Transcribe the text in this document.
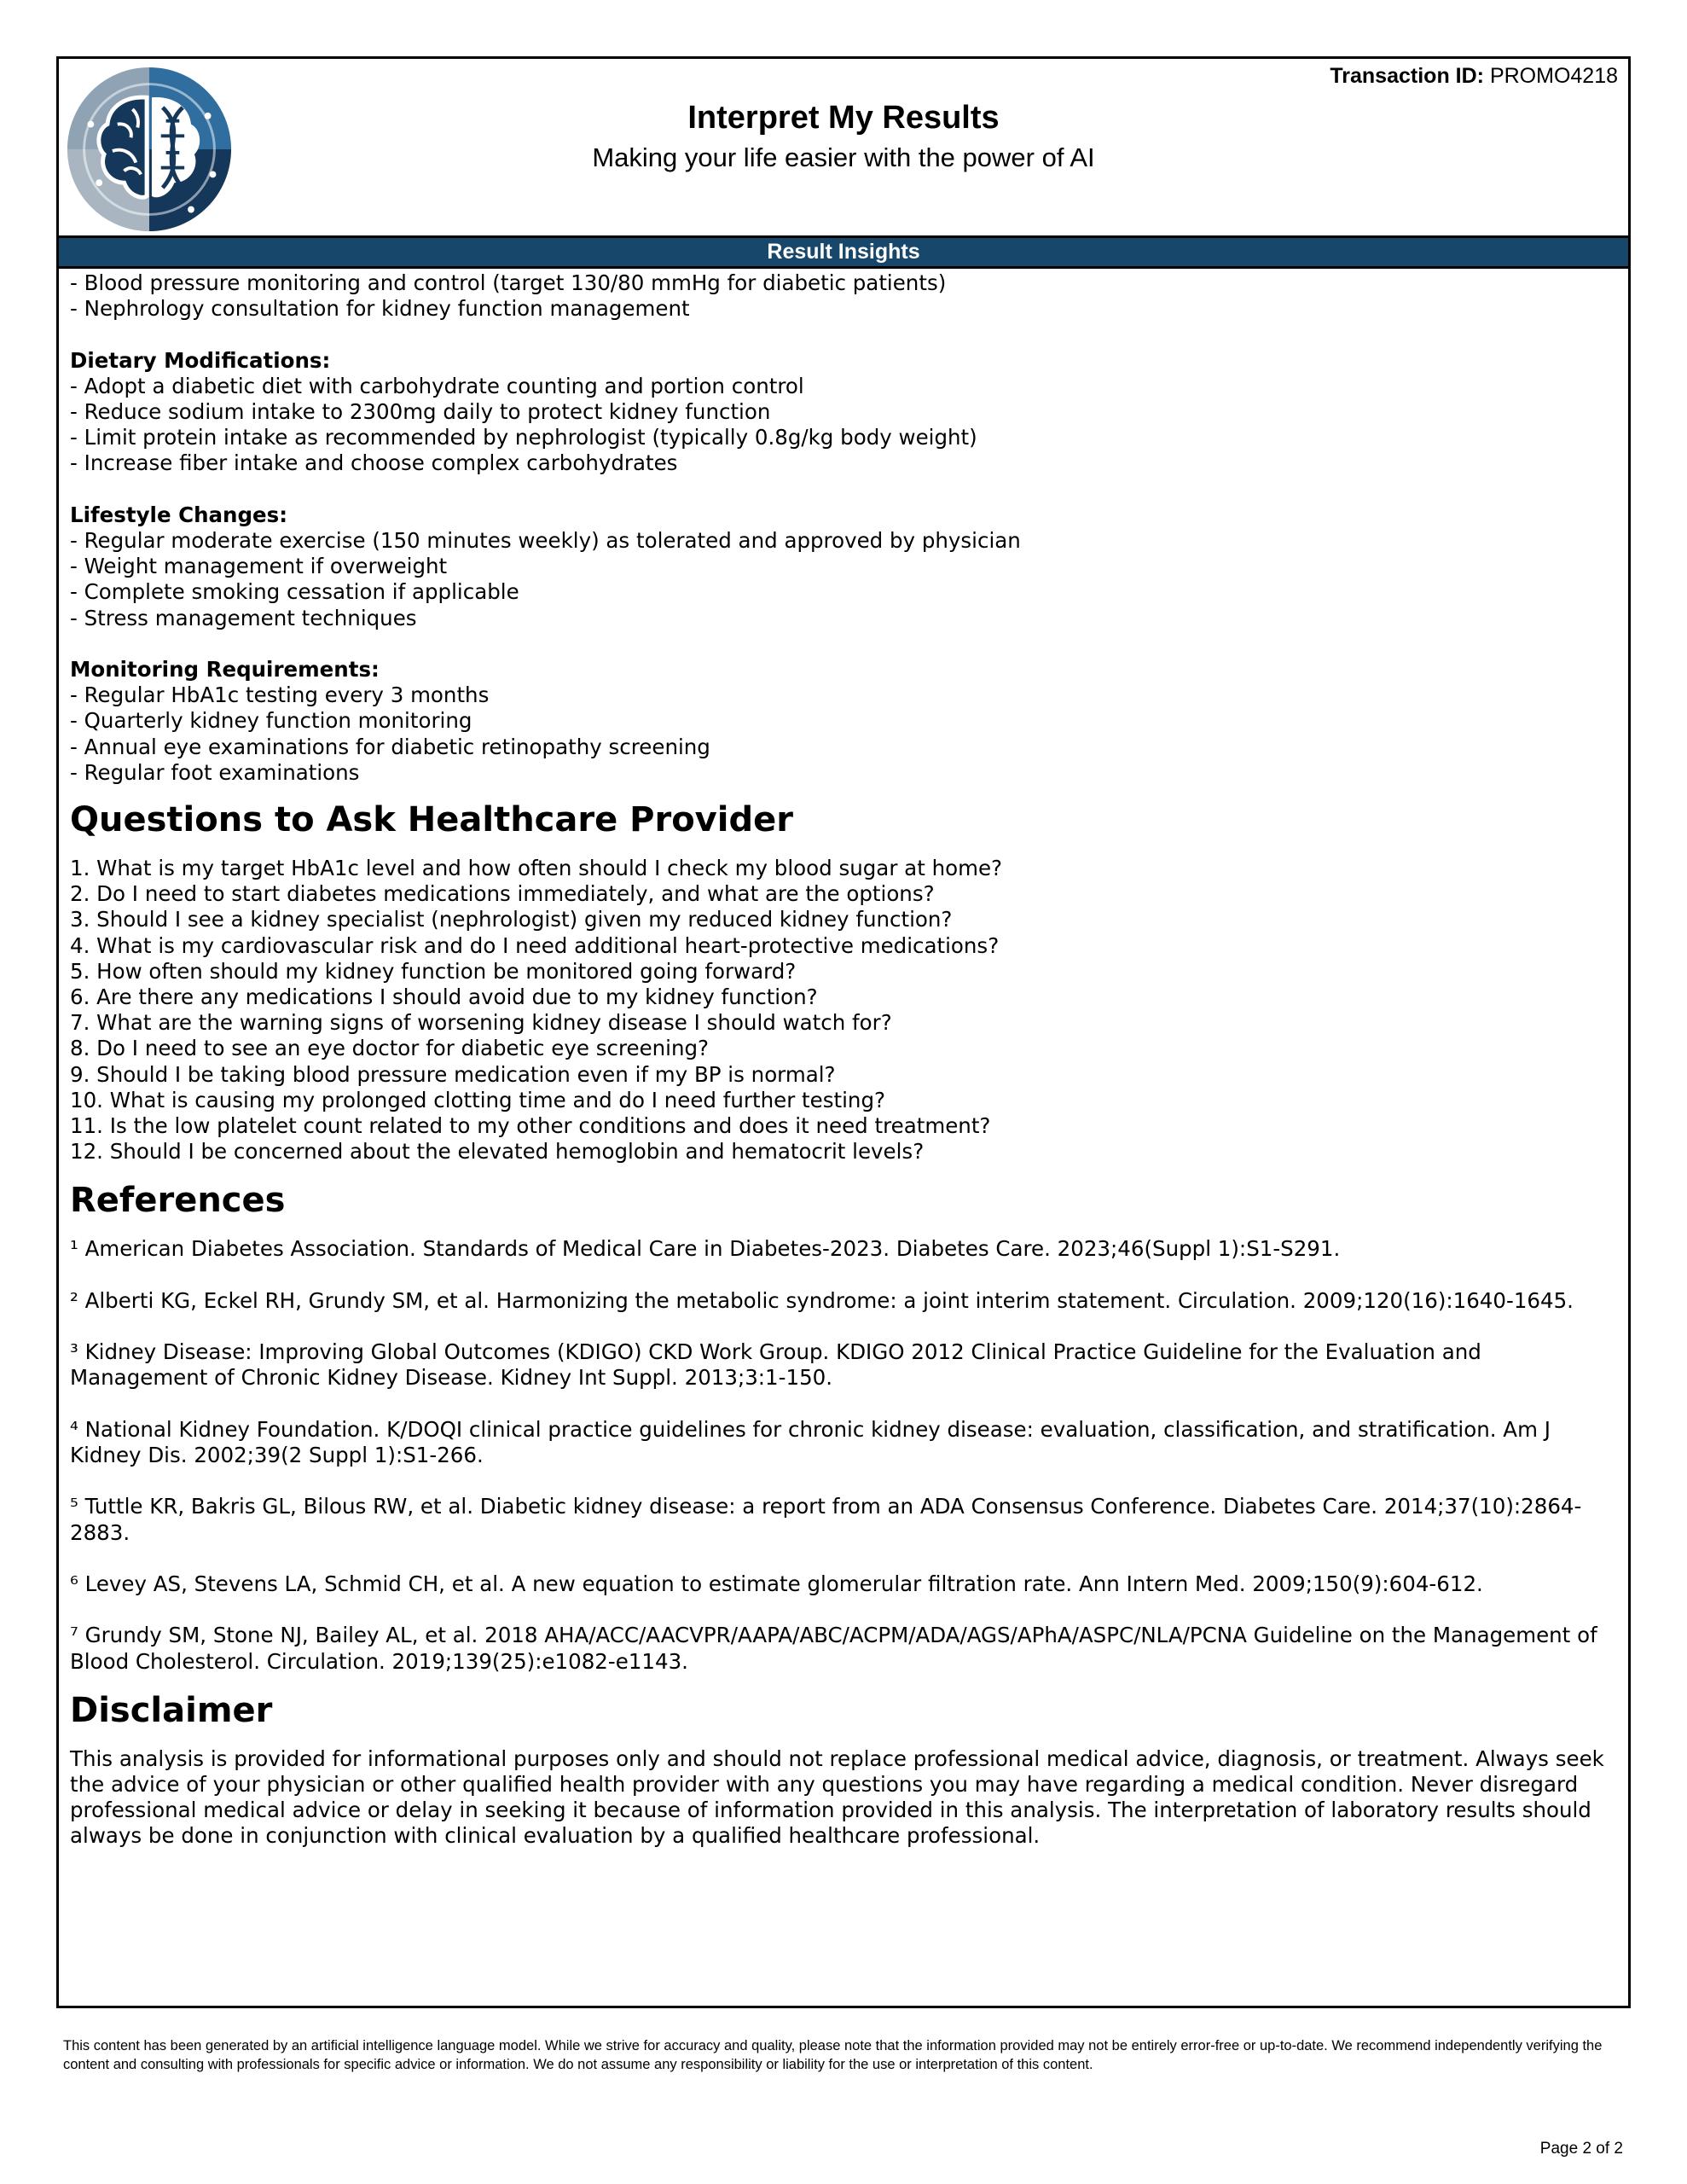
Transaction ID: PROMO4218
Interpret My Results
Making your life easier with the power of AI
Result Insights
- Blood pressure monitoring and control (target 130/80 mmHg for diabetic patients)
- Nephrology consultation for kidney function management
Dietary Modifications:
- Adopt a diabetic diet with carbohydrate counting and portion control
- Reduce sodium intake to 2300mg daily to protect kidney function
- Limit protein intake as recommended by nephrologist (typically 0.8g/kg body weight)
- Increase fiber intake and choose complex carbohydrates
Lifestyle Changes:
- Regular moderate exercise (150 minutes weekly) as tolerated and approved by physician
- Weight management if overweight
- Complete smoking cessation if applicable
- Stress management techniques
Monitoring Requirements:
- Regular HbA1c testing every 3 months
- Quarterly kidney function monitoring
- Annual eye examinations for diabetic retinopathy screening
- Regular foot examinations
Questions to Ask Healthcare Provider
1. What is my target HbA1c level and how often should I check my blood sugar at home?
2. Do I need to start diabetes medications immediately, and what are the options?
3. Should I see a kidney specialist (nephrologist) given my reduced kidney function?
4. What is my cardiovascular risk and do I need additional heart-protective medications?
5. How often should my kidney function be monitored going forward?
6. Are there any medications I should avoid due to my kidney function?
7. What are the warning signs of worsening kidney disease I should watch for?
8. Do I need to see an eye doctor for diabetic eye screening?
9. Should I be taking blood pressure medication even if my BP is normal?
10. What is causing my prolonged clotting time and do I need further testing?
11. Is the low platelet count related to my other conditions and does it need treatment?
12. Should I be concerned about the elevated hemoglobin and hematocrit levels?
References

¹ American Diabetes Association. Standards of Medical Care in Diabetes-2023. Diabetes Care. 2023;46(Suppl 1):S1-S291.

² Alberti KG, Eckel RH, Grundy SM, et al. Harmonizing the metabolic syndrome: a joint interim statement. Circulation. 2009;120(16):1640-1645.

³ Kidney Disease: Improving Global Outcomes (KDIGO) CKD Work Group. KDIGO 2012 Clinical Practice Guideline for the Evaluation and Management of Chronic Kidney Disease. Kidney Int Suppl. 2013;3:1-150.

⁴ National Kidney Foundation. K/DOQI clinical practice guidelines for chronic kidney disease: evaluation, classification, and stratification. Am J Kidney Dis. 2002;39(2 Suppl 1):S1-266.

⁵ Tuttle KR, Bakris GL, Bilous RW, et al. Diabetic kidney disease: a report from an ADA Consensus Conference. Diabetes Care. 2014;37(10):2864-2883.

⁶ Levey AS, Stevens LA, Schmid CH, et al. A new equation to estimate glomerular filtration rate. Ann Intern Med. 2009;150(9):604-612.

⁷ Grundy SM, Stone NJ, Bailey AL, et al. 2018 AHA/ACC/AACVPR/AAPA/ABC/ACPM/ADA/AGS/APhA/ASPC/NLA/PCNA Guideline on the Management of Blood Cholesterol. Circulation. 2019;139(25):e1082-e1143.

Disclaimer

This analysis is provided for informational purposes only and should not replace professional medical advice, diagnosis, or treatment. Always seek the advice of your physician or other qualified health provider with any questions you may have regarding a medical condition. Never disregard professional medical advice or delay in seeking it because of information provided in this analysis. The interpretation of laboratory results should always be done in conjunction with clinical evaluation by a qualified healthcare professional.

This content has been generated by an artificial intelligence language model. While we strive for accuracy and quality, please note that the information provided may not be entirely error-free or up-to-date. We recommend independently verifying the content and consulting with professionals for specific advice or information. We do not assume any responsibility or liability for the use or interpretation of this content.
Page 2 of 2
